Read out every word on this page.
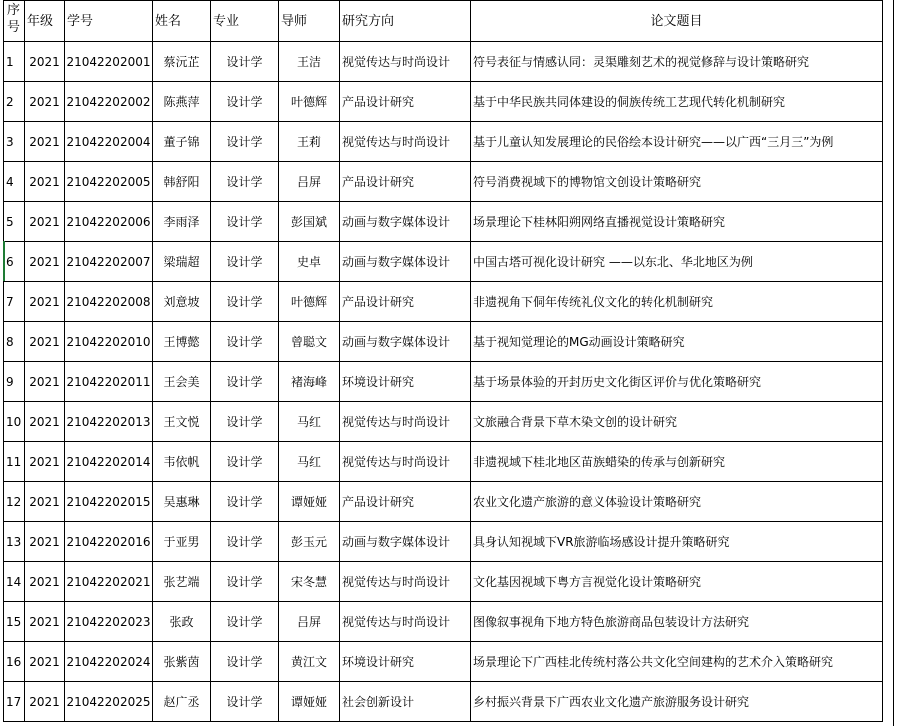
序号	年级	学号	姓名	专业	导师	研究方向	论文题目
1	2021	21042202001	蔡沅芷	设计学	王洁	视觉传达与时尚设计	符号表征与情感认同：灵渠雕刻艺术的视觉修辞与设计策略研究
2	2021	21042202002	陈燕萍	设计学	叶德辉	产品设计研究	基于中华民族共同体建设的侗族传统工艺现代转化机制研究
3	2021	21042202004	董子锦	设计学	王莉	视觉传达与时尚设计	基于儿童认知发展理论的民俗绘本设计研究——以广西“三月三”为例
4	2021	21042202005	韩舒阳	设计学	吕屏	产品设计研究	符号消费视域下的博物馆文创设计策略研究
5	2021	21042202006	李雨泽	设计学	彭国斌	动画与数字媒体设计	场景理论下桂林阳朔网络直播视觉设计策略研究
6	2021	21042202007	梁瑞超	设计学	史卓	动画与数字媒体设计	中国古塔可视化设计研究 ——以东北、华北地区为例
7	2021	21042202008	刘意坡	设计学	叶德辉	产品设计研究	非遗视角下侗年传统礼仪文化的转化机制研究
8	2021	21042202010	王博懿	设计学	曾聪文	动画与数字媒体设计	基于视知觉理论的MG动画设计策略研究
9	2021	21042202011	王会美	设计学	褚海峰	环境设计研究	基于场景体验的开封历史文化街区评价与优化策略研究
10	2021	21042202013	王文悦	设计学	马红	视觉传达与时尚设计	文旅融合背景下草木染文创的设计研究
11	2021	21042202014	韦依帆	设计学	马红	视觉传达与时尚设计	非遗视域下桂北地区苗族蜡染的传承与创新研究
12	2021	21042202015	吴惠琳	设计学	谭娅娅	产品设计研究	农业文化遗产旅游的意义体验设计策略研究
13	2021	21042202016	于亚男	设计学	彭玉元	动画与数字媒体设计	具身认知视域下VR旅游临场感设计提升策略研究
14	2021	21042202021	张艺端	设计学	宋冬慧	视觉传达与时尚设计	文化基因视域下粤方言视觉化设计策略研究
15	2021	21042202023	张政	设计学	吕屏	视觉传达与时尚设计	图像叙事视角下地方特色旅游商品包装设计方法研究
16	2021	21042202024	张紫茵	设计学	黄江文	环境设计研究	场景理论下广西桂北传统村落公共文化空间建构的艺术介入策略研究
17	2021	21042202025	赵广丞	设计学	谭娅娅	社会创新设计	乡村振兴背景下广西农业文化遗产旅游服务设计研究
